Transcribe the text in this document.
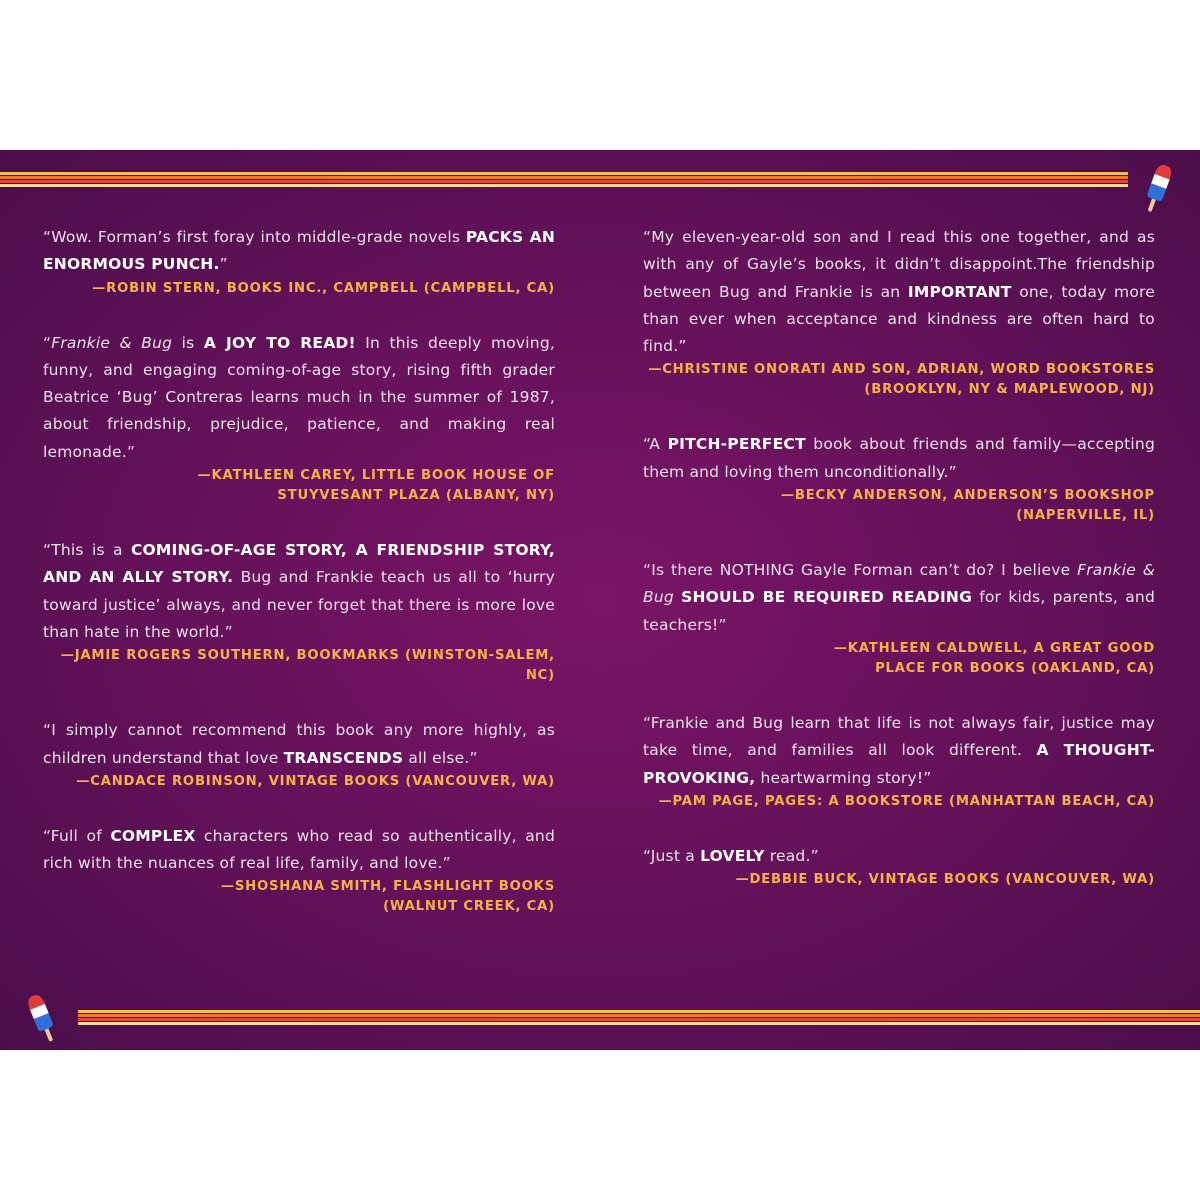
“Wow. Forman’s first foray into middle-grade novels PACKS AN ENORMOUS PUNCH.”
—ROBIN STERN, BOOKS INC., CAMPBELL (CAMPBELL, CA)
“Frankie & Bug is A JOY TO READ! In this deeply moving, funny, and engaging coming-of-age story, rising fifth grader Beatrice ‘Bug’ Contreras learns much in the summer of 1987, about friendship, prejudice, patience, and making real lemonade.”
—KATHLEEN CAREY, LITTLE BOOK HOUSE OF
STUYVESANT PLAZA (ALBANY, NY)
“This is a COMING-OF-AGE STORY, A FRIENDSHIP STORY, AND AN ALLY STORY. Bug and Frankie teach us all to ‘hurry toward justice’ always, and never forget that there is more love than hate in the world.”
—JAMIE ROGERS SOUTHERN, BOOKMARKS (WINSTON-SALEM, NC)
“I simply cannot recommend this book any more highly, as children understand that love TRANSCENDS all else.”
—CANDACE ROBINSON, VINTAGE BOOKS (VANCOUVER, WA)
“Full of COMPLEX characters who read so authentically, and rich with the nuances of real life, family, and love.”
—SHOSHANA SMITH, FLASHLIGHT BOOKS
(WALNUT CREEK, CA)
“My eleven-year-old son and I read this one together, and as with any of Gayle’s books, it didn’t disappoint.The friendship between Bug and Frankie is an IMPORTANT one, today more than ever when acceptance and kindness are often hard to find.”
—CHRISTINE ONORATI AND SON, ADRIAN, WORD BOOKSTORES
(BROOKLYN, NY & MAPLEWOOD, NJ)
“A PITCH-PERFECT book about friends and family—accepting them and loving them unconditionally.”
—BECKY ANDERSON, ANDERSON’S BOOKSHOP
(NAPERVILLE, IL)
“Is there NOTHING Gayle Forman can’t do? I believe Frankie & Bug SHOULD BE REQUIRED READING for kids, parents, and teachers!”
—KATHLEEN CALDWELL, A GREAT GOOD
PLACE FOR BOOKS (OAKLAND, CA)
“Frankie and Bug learn that life is not always fair, justice may take time, and families all look different. A THOUGHT-PROVOKING, heartwarming story!”
—PAM PAGE, PAGES: A BOOKSTORE (MANHATTAN BEACH, CA)
“Just a LOVELY read.”
—DEBBIE BUCK, VINTAGE BOOKS (VANCOUVER, WA)
